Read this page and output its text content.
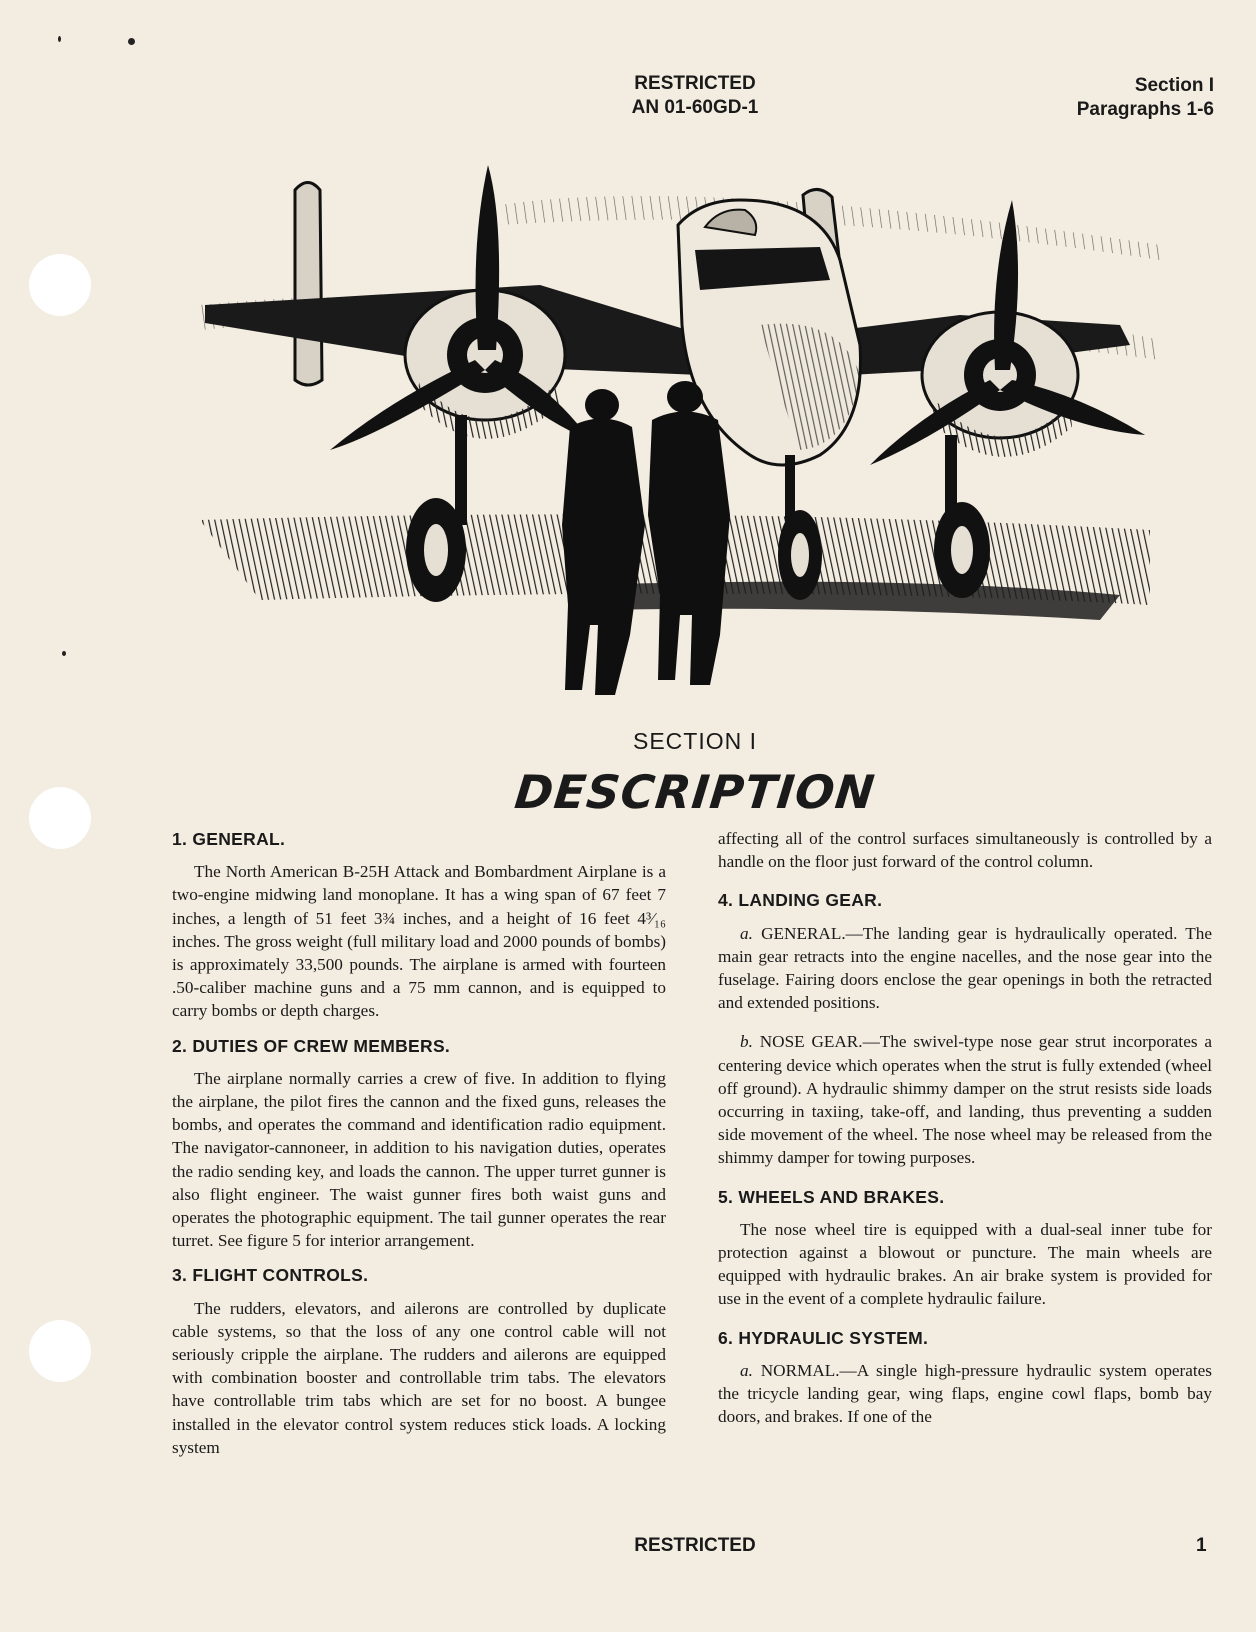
RESTRICTED
AN 01-60GD-1
Section I
Paragraphs 1-6
SECTION I
DESCRIPTION
1. GENERAL.

The North American B-25H Attack and Bombardment Airplane is a two-engine midwing land monoplane. It has a wing span of 67 feet 7 inches, a length of 51 feet 3¾ inches, and a height of 16 feet 4³⁄₁₆ inches. The gross weight (full military load and 2000 pounds of bombs) is approximately 33,500 pounds. The airplane is armed with fourteen .50-caliber machine guns and a 75 mm cannon, and is equipped to carry bombs or depth charges.

2. DUTIES OF CREW MEMBERS.

The airplane normally carries a crew of five. In addition to flying the airplane, the pilot fires the cannon and the fixed guns, releases the bombs, and operates the command and identification radio equipment. The navigator-cannoneer, in addition to his navigation duties, operates the radio sending key, and loads the cannon. The upper turret gunner is also flight engineer. The waist gunner fires both waist guns and operates the photographic equipment. The tail gunner operates the rear turret. See figure 5 for interior arrangement.

3. FLIGHT CONTROLS.

The rudders, elevators, and ailerons are controlled by duplicate cable systems, so that the loss of any one control cable will not seriously cripple the airplane. The rudders and ailerons are equipped with combination booster and controllable trim tabs. The elevators have controllable trim tabs which are set for no boost. A bungee installed in the elevator control system reduces stick loads. A locking system

affecting all of the control surfaces simultaneously is controlled by a handle on the floor just forward of the control column.

4. LANDING GEAR.

a. GENERAL.—The landing gear is hydraulically operated. The main gear retracts into the engine nacelles, and the nose gear into the fuselage. Fairing doors enclose the gear openings in both the retracted and extended positions.

b. NOSE GEAR.—The swivel-type nose gear strut incorporates a centering device which operates when the strut is fully extended (wheel off ground). A hydraulic shimmy damper on the strut resists side loads occurring in taxiing, take-off, and landing, thus preventing a sudden side movement of the wheel. The nose wheel may be released from the shimmy damper for towing purposes.

5. WHEELS AND BRAKES.

The nose wheel tire is equipped with a dual-seal inner tube for protection against a blowout or puncture. The main wheels are equipped with hydraulic brakes. An air brake system is provided for use in the event of a complete hydraulic failure.

6. HYDRAULIC SYSTEM.

a. NORMAL.—A single high-pressure hydraulic system operates the tricycle landing gear, wing flaps, engine cowl flaps, bomb bay doors, and brakes. If one of the

RESTRICTED	1
